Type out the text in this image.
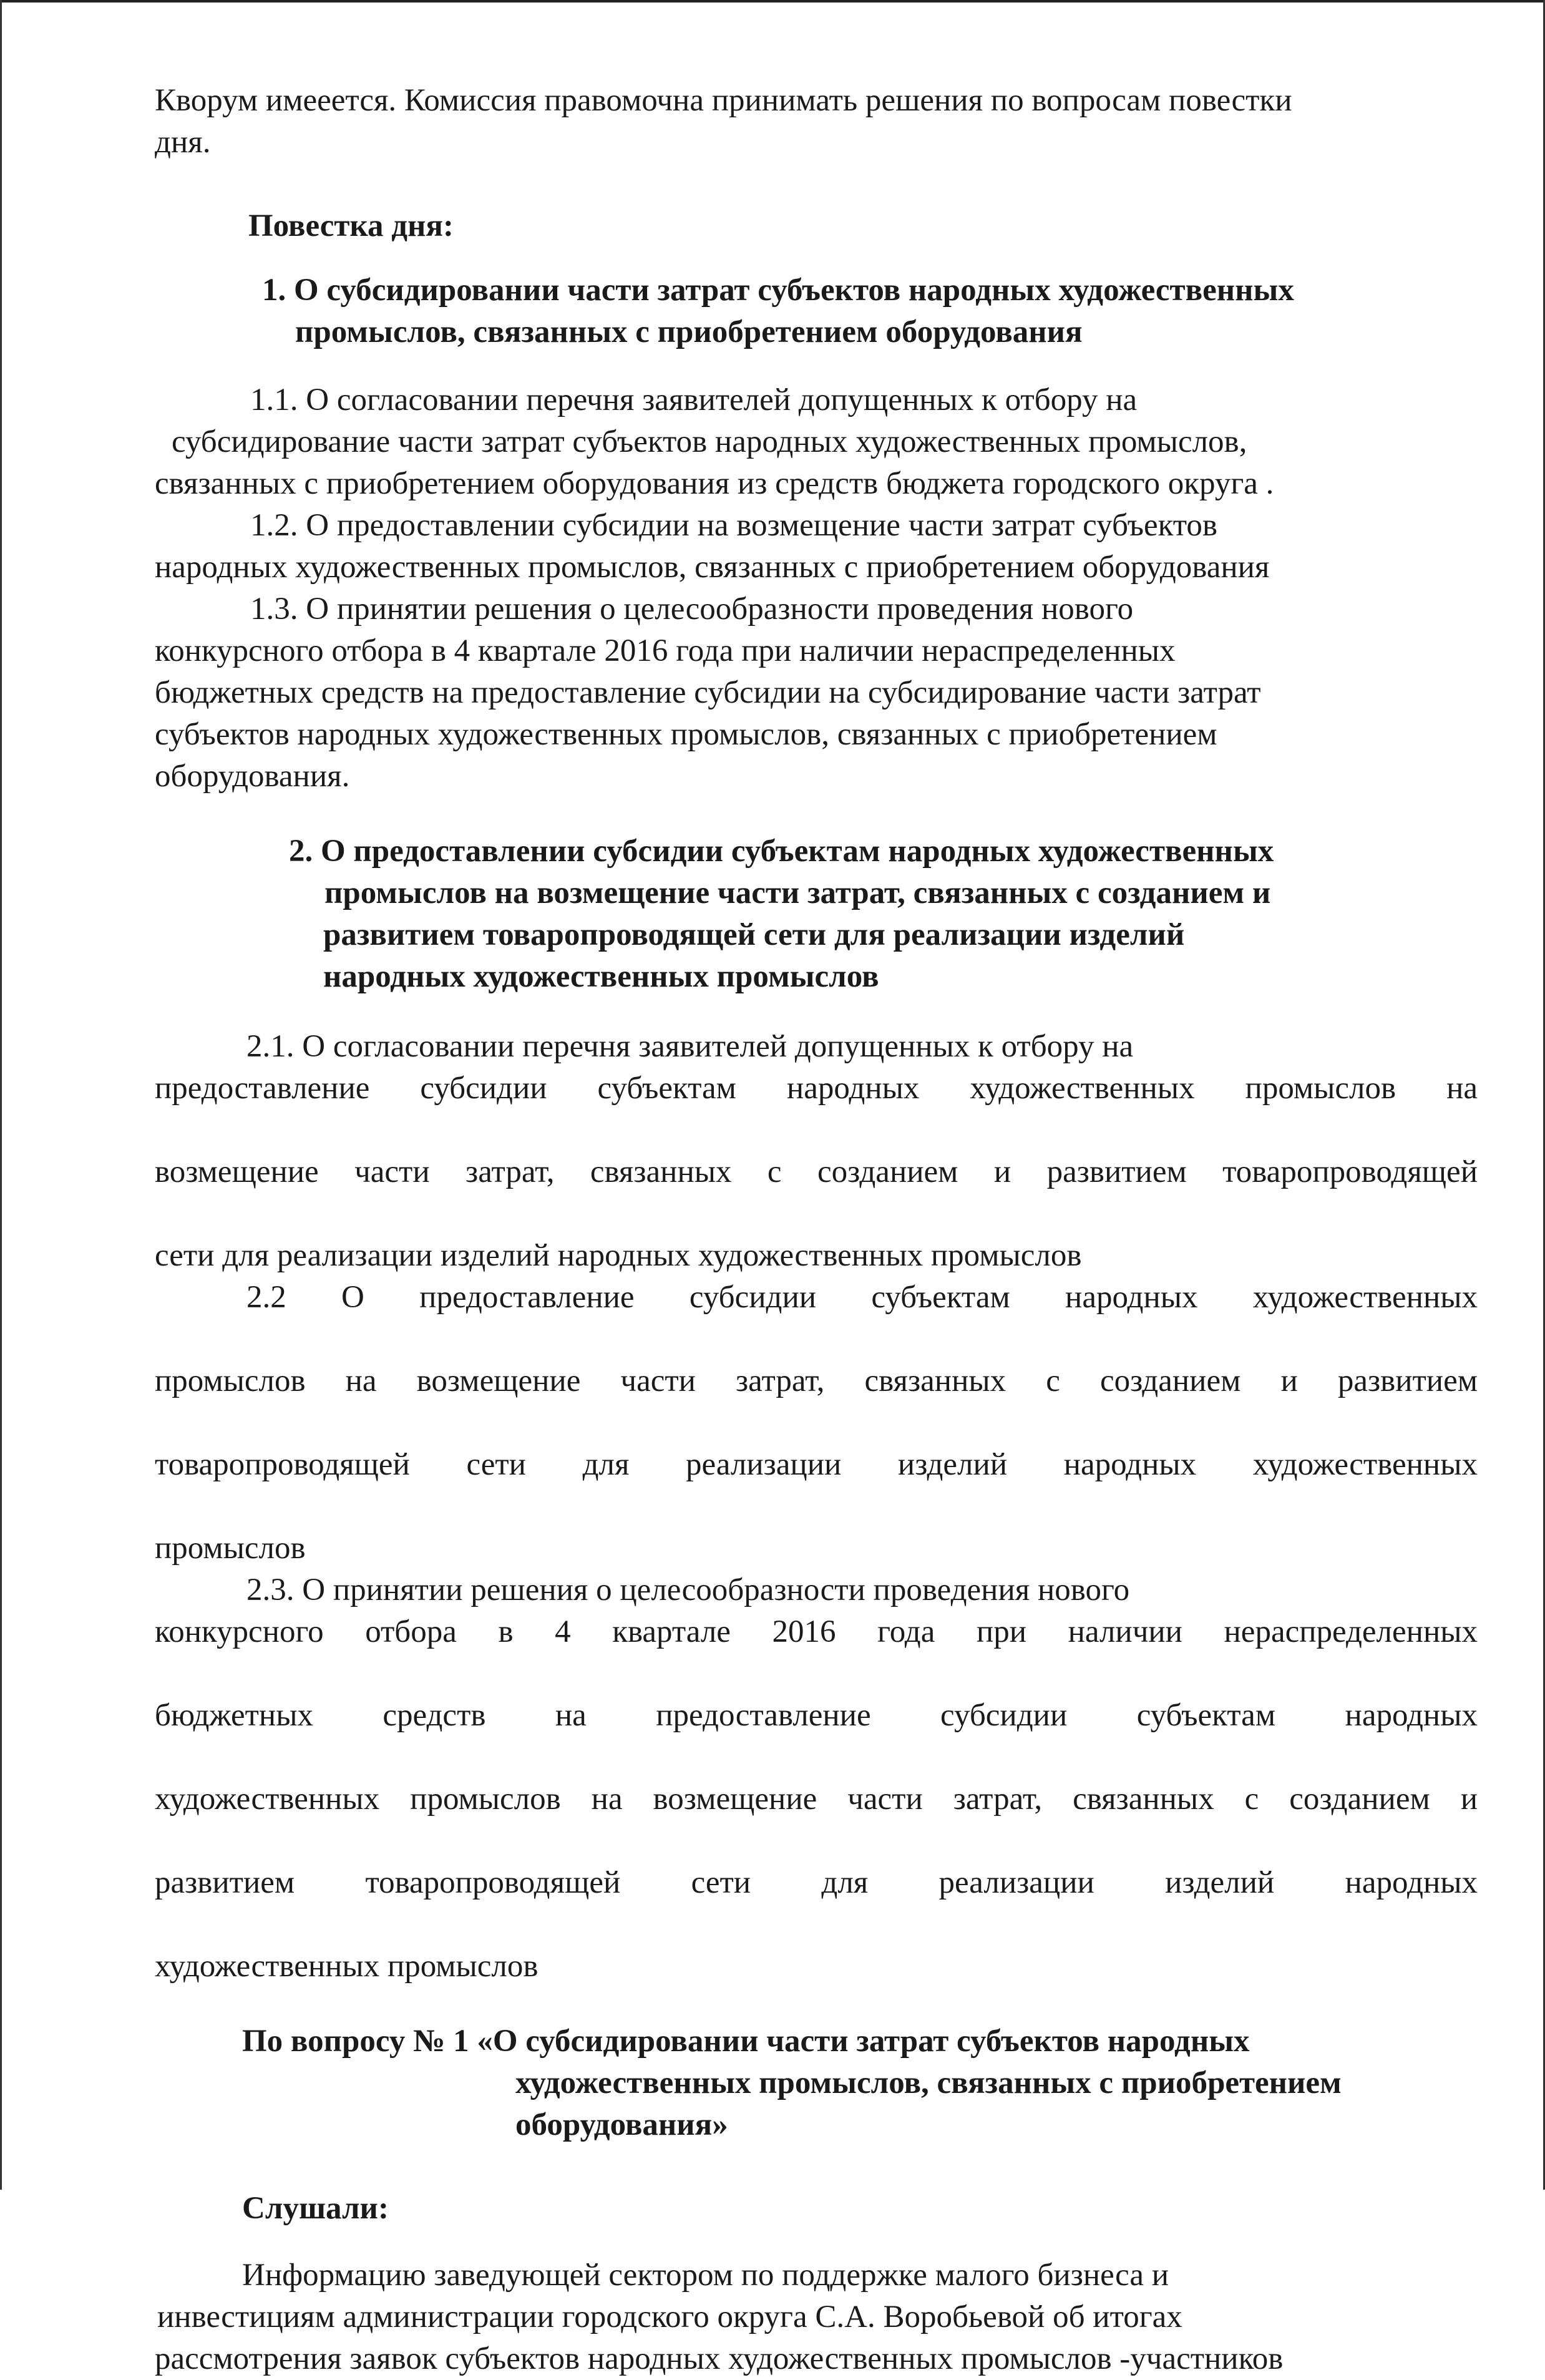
Кворум имееется. Комиссия правомочна принимать решения по вопросам повестки

дня.

Повестка дня:

1. О субсидировании части затрат субъектов народных художественных

промыслов, связанных с приобретением оборудования

1.1. О согласовании перечня заявителей допущенных к отбору на

субсидирование части затрат субъектов народных художественных промыслов,

связанных с приобретением оборудования из средств бюджета городского округа .

1.2. О предоставлении субсидии на возмещение части затрат субъектов

народных художественных промыслов, связанных с приобретением оборудования

1.3. О принятии решения о целесообразности проведения нового

конкурсного отбора в 4 квартале 2016 года при наличии нераспределенных

бюджетных средств на предоставление субсидии на субсидирование части затрат

субъектов народных художественных промыслов, связанных с приобретением

оборудования.

2. О предоставлении субсидии субъектам народных художественных

промыслов на возмещение части затрат, связанных с созданием и

развитием товаропроводящей сети для реализации изделий

народных художественных промыслов

2.1. О согласовании перечня заявителей допущенных к отбору на

предоставление субсидии субъектам народных художественных промыслов на

возмещение части затрат, связанных с созданием и развитием товаропроводящей

сети для реализации изделий народных художественных промыслов

2.2 О предоставление субсидии субъектам народных художественных

промыслов на возмещение части затрат, связанных с созданием и развитием

товаропроводящей сети для реализации изделий народных художественных

промыслов

2.3. О принятии решения о целесообразности проведения нового

конкурсного отбора в 4 квартале 2016 года при наличии нераспределенных

бюджетных средств на предоставление субсидии субъектам народных

художественных промыслов на возмещение части затрат, связанных с созданием и

развитием товаропроводящей сети для реализации изделий народных

художественных промыслов

По вопросу № 1 «О субсидировании части затрат субъектов народных

художественных промыслов, связанных с приобретением

оборудования»

Слушали:

Информацию заведующей сектором по поддержке малого бизнеса и

инвестициям администрации городского округа С.А. Воробьевой об итогах

рассмотрения заявок субъектов народных художественных промыслов -участников
